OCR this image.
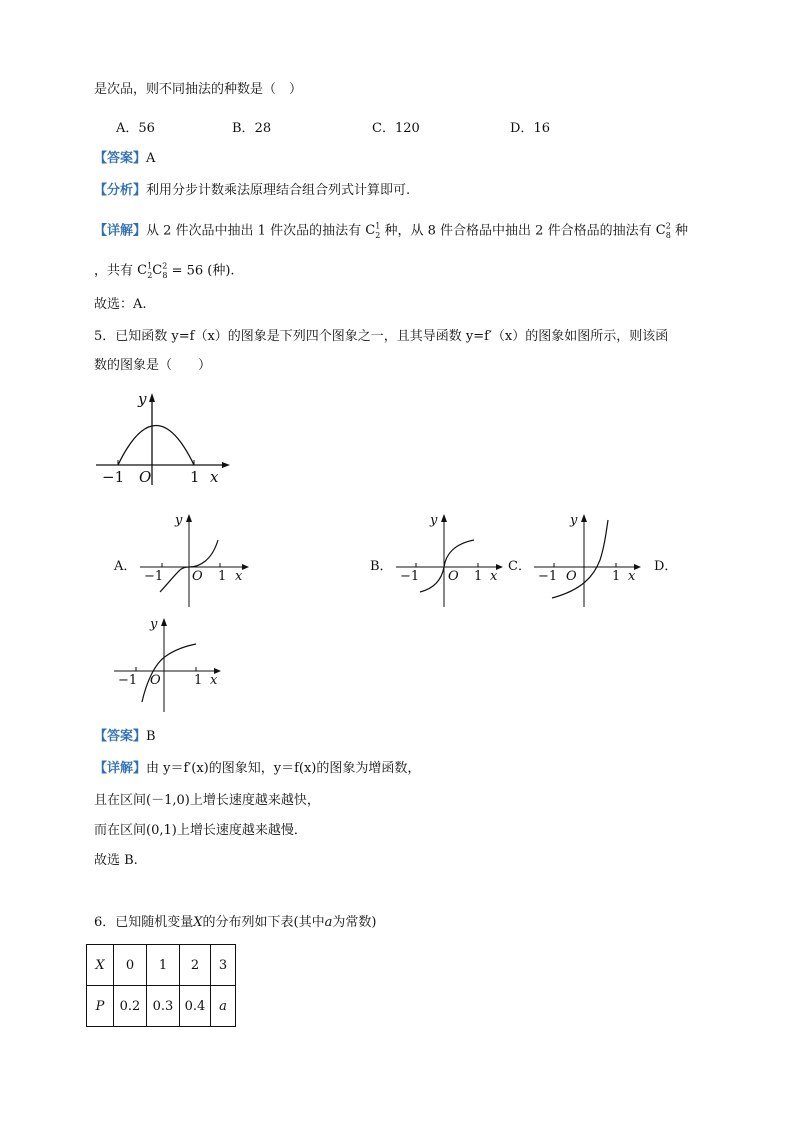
是次品，则不同抽法的种数是（　）
A．56	B．28	C．120	D．16
【答案】A
【分析】利用分步计数乘法原理结合组合列式计算即可.
【详解】从 2 件次品中抽出 1 件次品的抽法有 $C^1_2$ 种，从 8 件合格品中抽出 2 件合格品的抽法有 $C^2_8$ 种
，共有 $C^1_2C^2_8 = 56$ (种).
故选：A.
5．已知函数 y=f（x）的图象是下列四个图象之一，且其导函数 y=f′（x）的图象如图所示，则该函
数的图象是（　　）
y
x
O
−1	1
A．
y
x
O
−1	1
B．
y
x
O
−1	1
C．
y
x
O
−1	1
D．
y
x
O
−1	1
【答案】B
【详解】由 y＝f′(x)的图象知，y＝f(x)的图象为增函数，
且在区间(－1,0)上增长速度越来越快，
而在区间(0,1)上增长速度越来越慢．
故选 B.
6．已知随机变量X的分布列如下表(其中a为常数)
X	0	1	2	3
P	0.2	0.3	0.4	a
